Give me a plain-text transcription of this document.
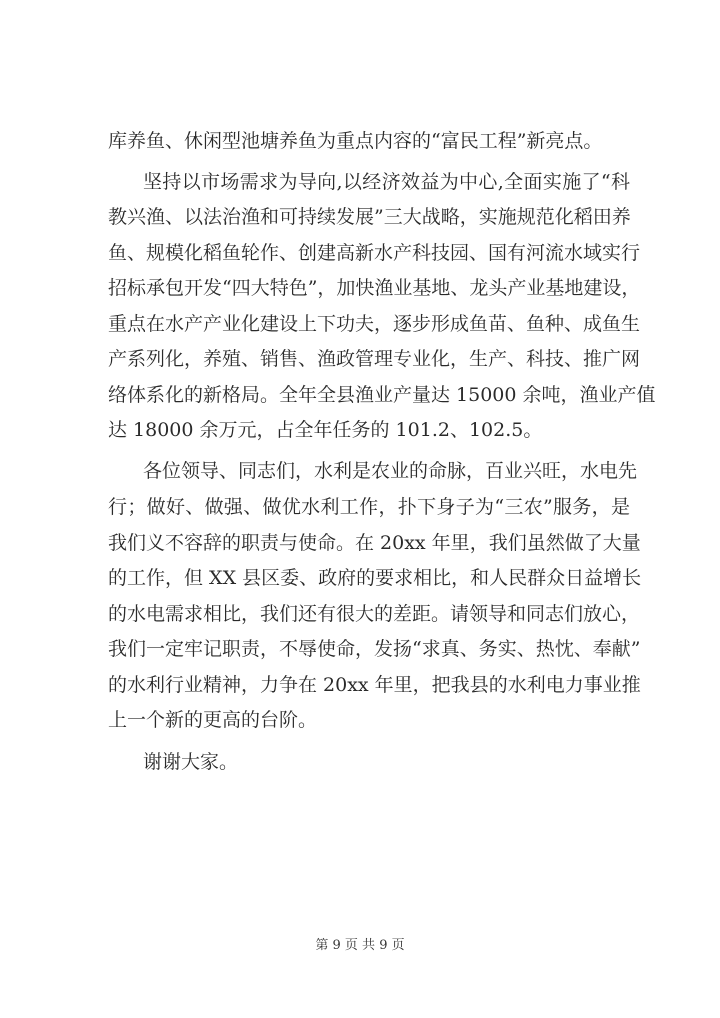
库养鱼、休闲型池塘养鱼为重点内容的“富民工程”新亮点。
坚持以市场需求为导向,以经济效益为中心,全面实施了“科
教兴渔、以法治渔和可持续发展”三大战略，实施规范化稻田养
鱼、规模化稻鱼轮作、创建高新水产科技园、国有河流水域实行
招标承包开发“四大特色”，加快渔业基地、龙头产业基地建设，
重点在水产产业化建设上下功夫，逐步形成鱼苗、鱼种、成鱼生
产系列化，养殖、销售、渔政管理专业化，生产、科技、推广网
络体系化的新格局。全年全县渔业产量达 15000 余吨，渔业产值
达 18000 余万元，占全年任务的 101.2、102.5。
各位领导、同志们，水利是农业的命脉，百业兴旺，水电先
行；做好、做强、做优水利工作，扑下身子为“三农”服务，是
我们义不容辞的职责与使命。在 20xx 年里，我们虽然做了大量
的工作，但 XX 县区委、政府的要求相比，和人民群众日益增长
的水电需求相比，我们还有很大的差距。请领导和同志们放心，
我们一定牢记职责，不辱使命，发扬“求真、务实、热忱、奉献”
的水利行业精神，力争在 20xx 年里，把我县的水利电力事业推
上一个新的更高的台阶。
谢谢大家。
第 9 页 共 9 页
